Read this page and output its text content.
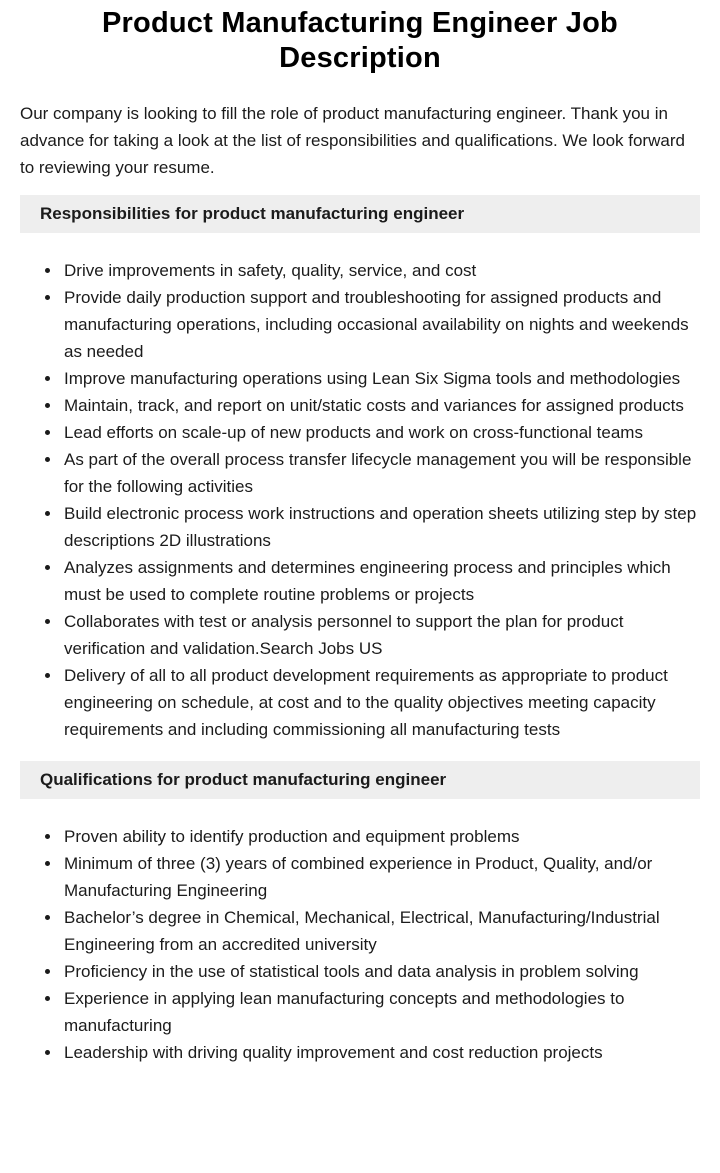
Product Manufacturing Engineer Job Description

Our company is looking to fill the role of product manufacturing engineer. Thank you in advance for taking a look at the list of responsibilities and qualifications. We look forward to reviewing your resume.

Responsibilities for product manufacturing engineer
• Drive improvements in safety, quality, service, and cost
• Provide daily production support and troubleshooting for assigned products and manufacturing operations, including occasional availability on nights and weekends as needed
• Improve manufacturing operations using Lean Six Sigma tools and methodologies
• Maintain, track, and report on unit/static costs and variances for assigned products
• Lead efforts on scale-up of new products and work on cross-functional teams
• As part of the overall process transfer lifecycle management you will be responsible for the following activities
• Build electronic process work instructions and operation sheets utilizing step by step descriptions 2D illustrations
• Analyzes assignments and determines engineering process and principles which must be used to complete routine problems or projects
• Collaborates with test or analysis personnel to support the plan for product verification and validation.Search Jobs US
• Delivery of all to all product development requirements as appropriate to product engineering on schedule, at cost and to the quality objectives meeting capacity requirements and including commissioning all manufacturing tests
Qualifications for product manufacturing engineer
• Proven ability to identify production and equipment problems
• Minimum of three (3) years of combined experience in Product, Quality, and/or Manufacturing Engineering
• Bachelor’s degree in Chemical, Mechanical, Electrical, Manufacturing/Industrial Engineering from an accredited university
• Proficiency in the use of statistical tools and data analysis in problem solving
• Experience in applying lean manufacturing concepts and methodologies to manufacturing
• Leadership with driving quality improvement and cost reduction projects
